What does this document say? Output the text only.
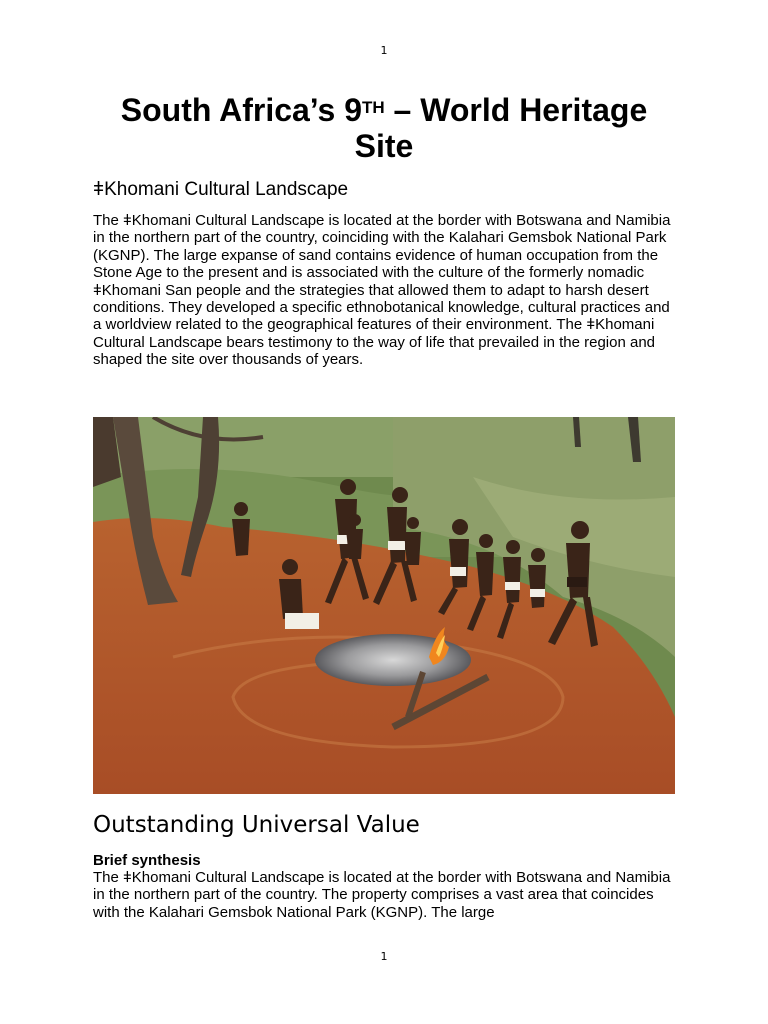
1
South Africa’s 9TH – World Heritage Site
ǂKhomani Cultural Landscape

The ǂKhomani Cultural Landscape is located at the border with Botswana and Namibia in the northern part of the country, coinciding with the Kalahari Gemsbok National Park (KGNP). The large expanse of sand contains evidence of human occupation from the Stone Age to the present and is associated with the culture of the formerly nomadic ǂKhomani San people and the strategies that allowed them to adapt to harsh desert conditions. They developed a specific ethnobotanical knowledge, cultural practices and a worldview related to the geographical features of their environment. The ǂKhomani Cultural Landscape bears testimony to the way of life that prevailed in the region and shaped the site over thousands of years.

Outstanding Universal Value

Brief synthesis

The ǂKhomani Cultural Landscape is located at the border with Botswana and Namibia in the northern part of the country. The property comprises a vast area that coincides with the Kalahari Gemsbok National Park (KGNP). The large

1
